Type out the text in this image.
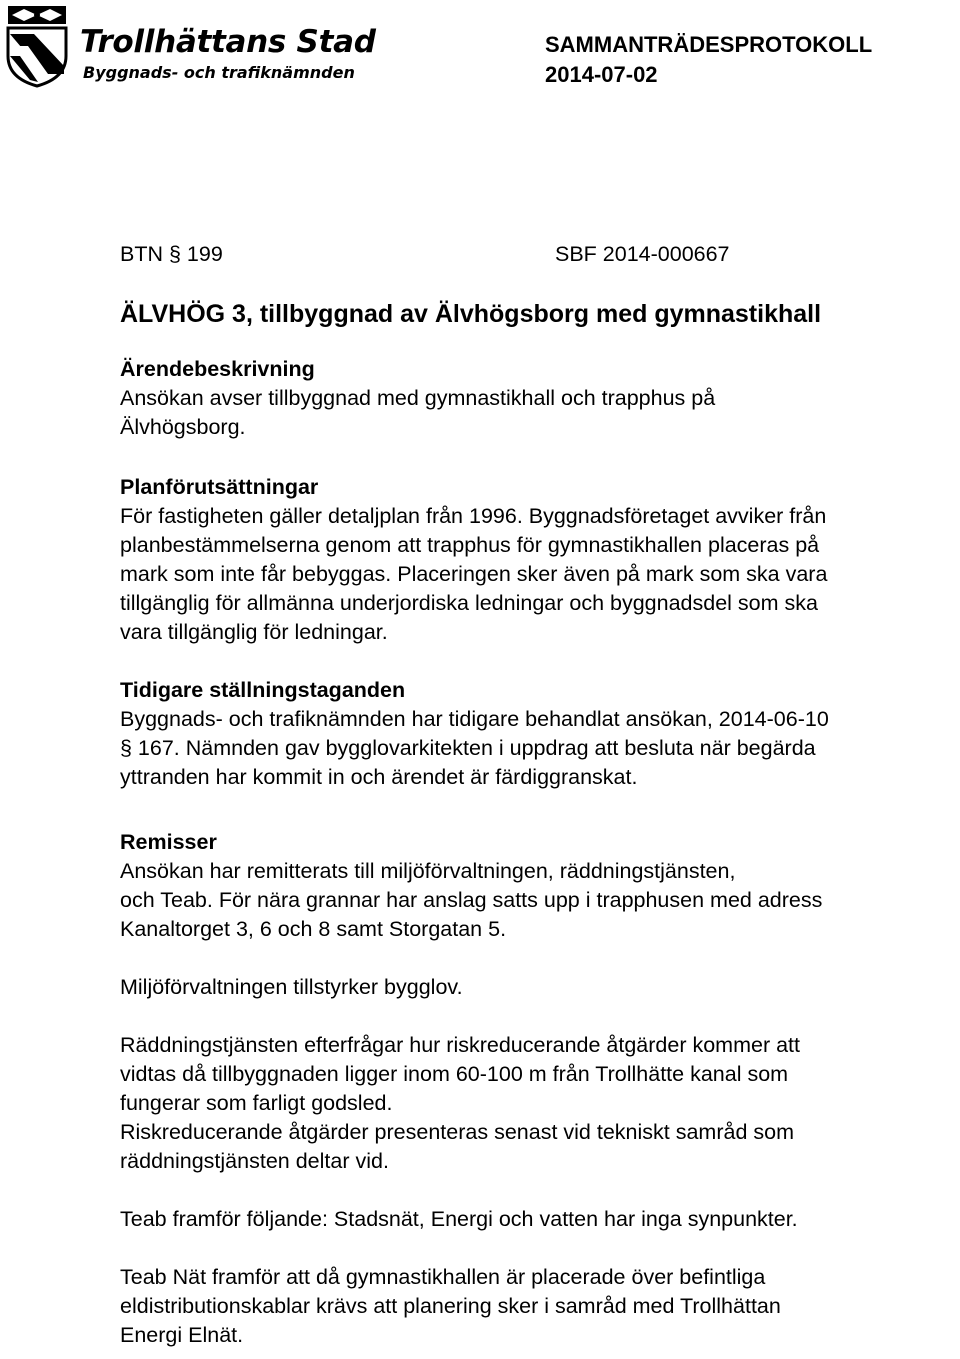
Trollhättans Stad
Byggnads- och trafiknämnden
SAMMANTRÄDESPROTOKOLL
2014-07-02
BTN § 199	SBF 2014-000667
ÄLVHÖG 3, tillbyggnad av Älvhögsborg med gymnastikhall
Ärendebeskrivning
Ansökan avser tillbyggnad med gymnastikhall och trapphus på
Älvhögsborg.
Planförutsättningar
För fastigheten gäller detaljplan från 1996. Byggnadsföretaget avviker från
planbestämmelserna genom att trapphus för gymnastikhallen placeras på
mark som inte får bebyggas. Placeringen sker även på mark som ska vara
tillgänglig för allmänna underjordiska ledningar och byggnadsdel som ska
vara tillgänglig för ledningar.
Tidigare ställningstaganden
Byggnads- och trafiknämnden har tidigare behandlat ansökan, 2014-06-10
§ 167. Nämnden gav bygglovarkitekten i uppdrag att besluta när begärda
yttranden har kommit in och ärendet är färdiggranskat.
Remisser
Ansökan har remitterats till miljöförvaltningen, räddningstjänsten,
och Teab. För nära grannar har anslag satts upp i trapphusen med adress
Kanaltorget 3, 6 och 8 samt Storgatan 5.
Miljöförvaltningen tillstyrker bygglov.
Räddningstjänsten efterfrågar hur riskreducerande åtgärder kommer att
vidtas då tillbyggnaden ligger inom 60-100 m från Trollhätte kanal som
fungerar som farligt godsled.
Riskreducerande åtgärder presenteras senast vid tekniskt samråd som
räddningstjänsten deltar vid.
Teab framför följande: Stadsnät, Energi och vatten har inga synpunkter.
Teab Nät framför att då gymnastikhallen är placerade över befintliga
eldistributionskablar krävs att planering sker i samråd med Trollhättan
Energi Elnät.
